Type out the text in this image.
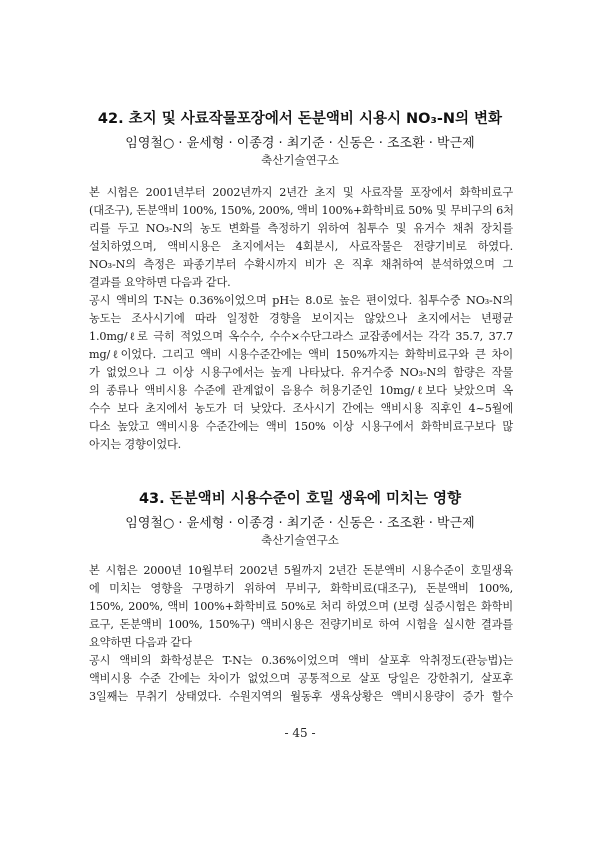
42. 초지 및 사료작물포장에서 돈분액비 시용시 NO₃-N의 변화
임영철○ · 윤세형 · 이종경 · 최기준 · 신동은 · 조조환 · 박근제
축산기술연구소
본 시험은 2001년부터 2002년까지 2년간 초지 및 사료작물 포장에서 화학비료구
(대조구), 돈분액비 100%, 150%, 200%, 액비 100%+화학비료 50% 및 무비구의 6처
리를 두고 NO₃-N의 농도 변화를 측정하기 위하여 침투수 및 유거수 채취 장치를
설치하였으며, 액비시용은 초지에서는 4회분시, 사료작물은 전량기비로 하였다.
NO₃-N의 측정은 파종기부터 수확시까지 비가 온 직후 채취하여 분석하였으며 그
결과를 요약하면 다음과 같다.
공시 액비의 T-N는 0.36%이었으며 pH는 8.0로 높은 편이었다. 침투수중 NO₃-N의
농도는 조사시기에 따라 일정한 경향을 보이지는 않았으나 초지에서는 년평균
1.0mg/ℓ로 극히 적었으며 옥수수, 수수×수단그라스 교잡종에서는 각각 35.7, 37.7
mg/ℓ이었다. 그리고 액비 시용수준간에는 액비 150%까지는 화학비료구와 큰 차이
가 없었으나 그 이상 시용구에서는 높게 나타났다. 유거수중 NO₃-N의 함량은 작물
의 종류나 액비시용 수준에 관계없이 음용수 허용기준인 10mg/ℓ보다 낮았으며 옥
수수 보다 초지에서 농도가 더 낮았다. 조사시기 간에는 액비시용 직후인 4~5월에
다소 높았고 액비시용 수준간에는 액비 150% 이상 시용구에서 화학비료구보다 많
아지는 경향이었다.
43. 돈분액비 시용수준이 호밀 생육에 미치는 영향
임영철○ · 윤세형 · 이종경 · 최기준 · 신동은 · 조조환 · 박근제
축산기술연구소
본 시험은 2000년 10월부터 2002년 5월까지 2년간 돈분액비 시용수준이 호밀생육
에 미치는 영향을 구명하기 위하여 무비구, 화학비료(대조구), 돈분액비 100%,
150%, 200%, 액비 100%+화학비료 50%로 처리 하였으며 (보령 실증시험은 화학비
료구, 돈분액비 100%, 150%구) 액비시용은 전량기비로 하여 시험을 실시한 결과를
요약하면 다음과 같다
공시 액비의 화학성분은 T-N는 0.36%이었으며 액비 살포후 악취정도(관능법)는
액비시용 수준 간에는 차이가 없었으며 공통적으로 살포 당일은 강한취기, 살포후
3일째는 무취기 상태였다. 수원지역의 월동후 생육상황은 액비시용량이 증가 할수
- 45 -
